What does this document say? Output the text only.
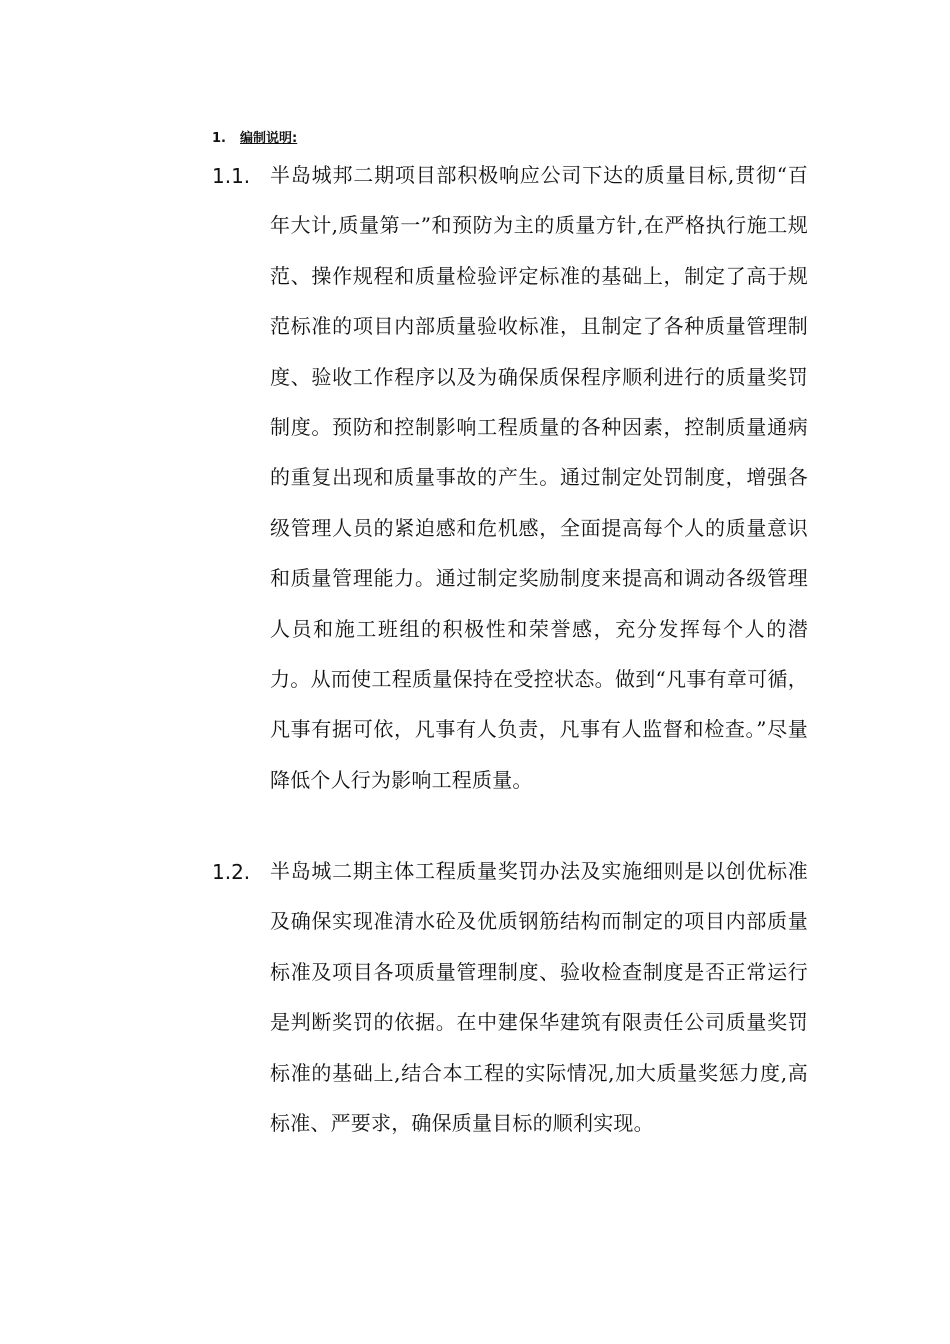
1. 编制说明:
1.1. 半岛城邦二期项目部积极响应公司下达的质量目标,贯彻“百年大计,质量第一”和预防为主的质量方针,在严格执行施工规范、操作规程和质量检验评定标准的基础上，制定了高于规范标准的项目内部质量验收标准，且制定了各种质量管理制度、验收工作程序以及为确保质保程序顺利进行的质量奖罚制度。预防和控制影响工程质量的各种因素，控制质量通病的重复出现和质量事故的产生。通过制定处罚制度，增强各级管理人员的紧迫感和危机感，全面提高每个人的质量意识和质量管理能力。通过制定奖励制度来提高和调动各级管理人员和施工班组的积极性和荣誉感，充分发挥每个人的潜力。从而使工程质量保持在受控状态。做到“凡事有章可循，凡事有据可依，凡事有人负责，凡事有人监督和检查。”尽量降低个人行为影响工程质量。
1.2. 半岛城二期主体工程质量奖罚办法及实施细则是以创优标准及确保实现准清水砼及优质钢筋结构而制定的项目内部质量标准及项目各项质量管理制度、验收检查制度是否正常运行是判断奖罚的依据。在中建保华建筑有限责任公司质量奖罚标准的基础上,结合本工程的实际情况,加大质量奖惩力度,高标准、严要求，确保质量目标的顺利实现。
